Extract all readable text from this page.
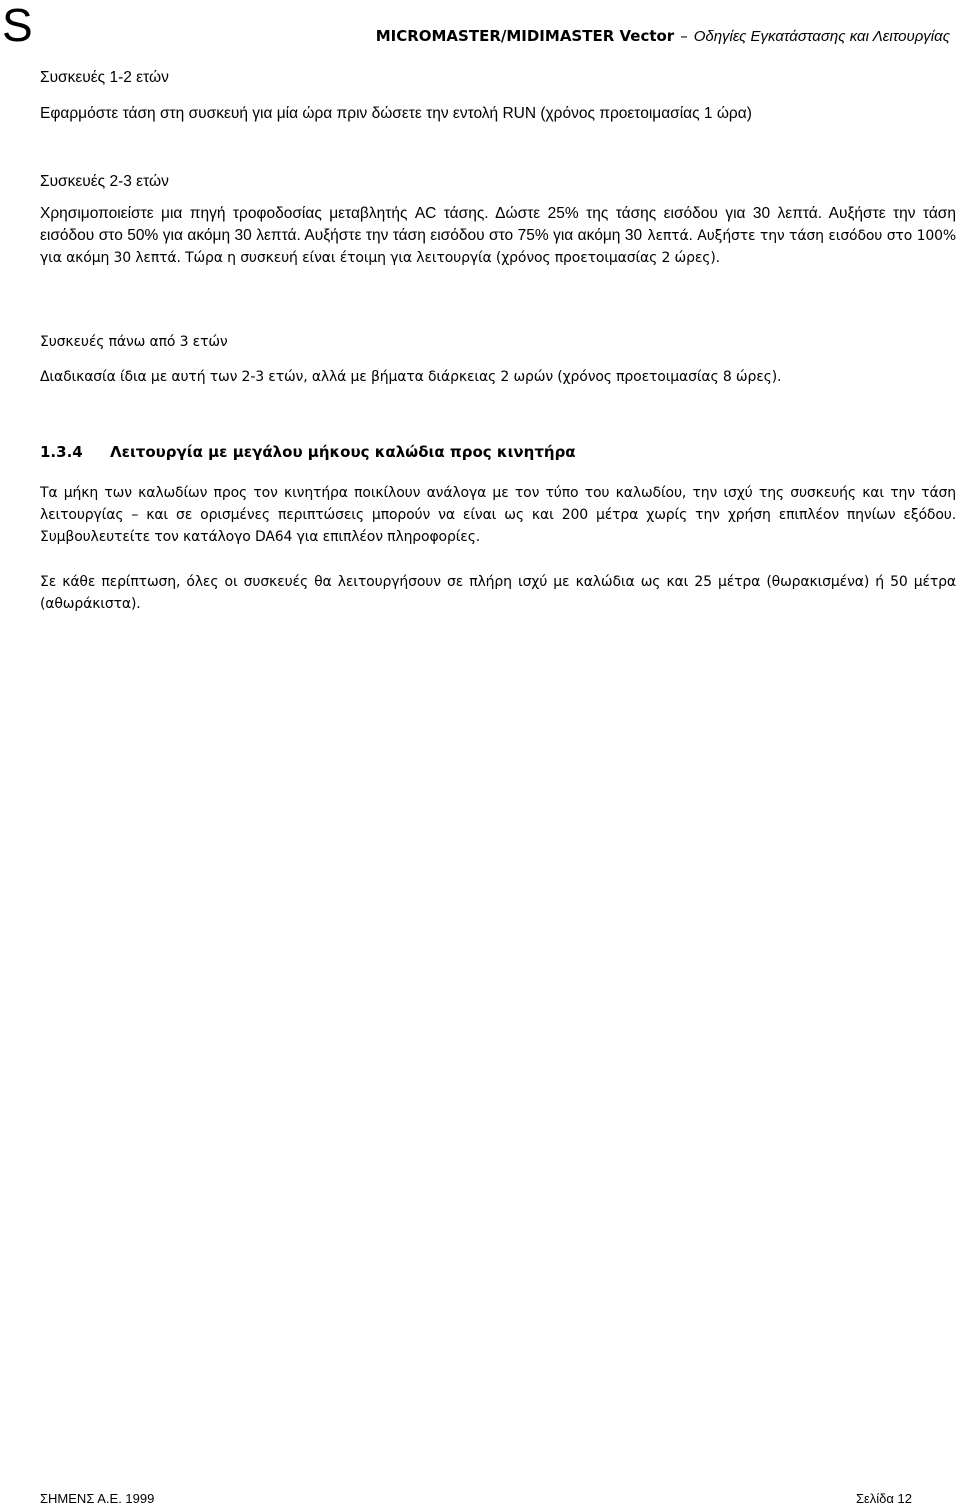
S	MICROMASTER/MIDIMASTER Vector – Οδηγίες Εγκατάστασης και Λειτουργίας
Συσκευές 1-2 ετών
Εφαρμόστε τάση στη συσκευή για μία ώρα πριν δώσετε την εντολή RUN (χρόνος προετοιμασίας 1 ώρα)
Συσκευές 2-3 ετών
Χρησιμοποιείστε μια πηγή τροφοδοσίας μεταβλητής AC τάσης. Δώστε 25% της τάσης εισόδου για 30 λεπτά. Αυξήστε την τάση εισόδου στο 50% για ακόμη 30 λεπτά. Αυξήστε την τάση εισόδου στο 75% για ακόμη 30 λεπτά. Αυξήστε την τάση εισόδου στο 100% για ακόμη 30 λεπτά. Τώρα η συσκευή είναι έτοιμη για λειτουργία (χρόνος προετοιμασίας 2 ώρες).
Συσκευές πάνω από 3 ετών
Διαδικασία ίδια με αυτή των 2-3 ετών, αλλά με βήματα διάρκειας 2 ωρών (χρόνος προετοιμασίας 8 ώρες).
1.3.4 Λειτουργία με μεγάλου μήκους καλώδια προς κινητήρα
Τα μήκη των καλωδίων προς τον κινητήρα ποικίλουν ανάλογα με τον τύπο του καλωδίου, την ισχύ της συσκευής και την τάση λειτουργίας – και σε ορισμένες περιπτώσεις μπορούν να είναι ως και 200 μέτρα χωρίς την χρήση επιπλέον πηνίων εξόδου. Συμβουλευτείτε τον κατάλογο DA64 για επιπλέον πληροφορίες.
Σε κάθε περίπτωση, όλες οι συσκευές θα λειτουργήσουν σε πλήρη ισχύ με καλώδια ως και 25 μέτρα (θωρακισμένα) ή 50 μέτρα (αθωράκιστα).
ΣΗΜΕΝΣ Α.Ε. 1999	Σελίδα 12
